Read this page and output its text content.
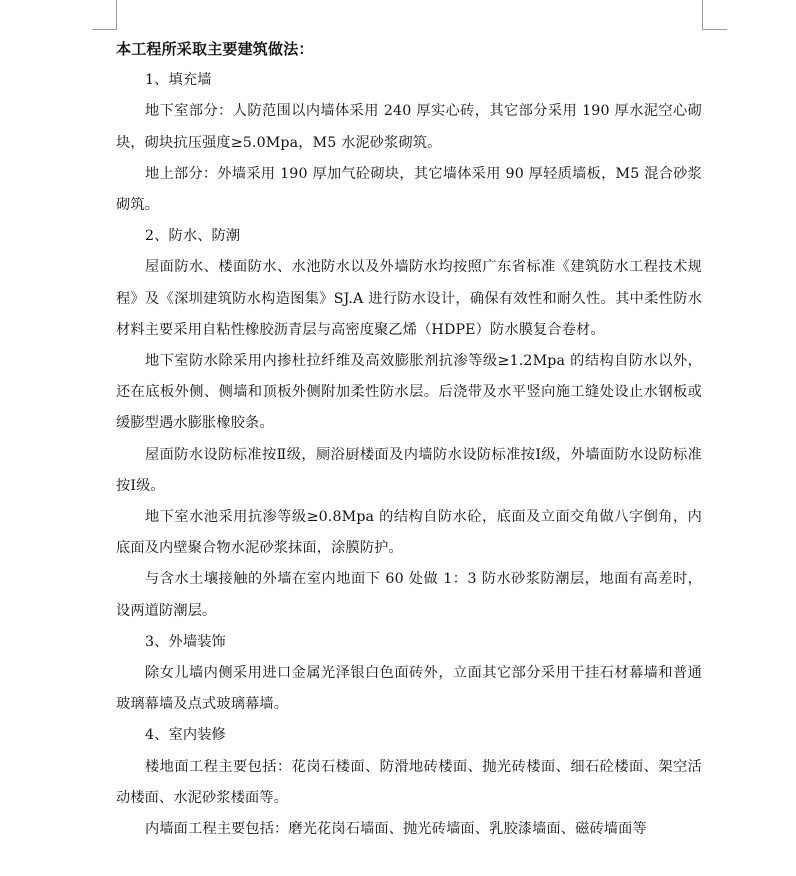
本工程所采取主要建筑做法：

1、填充墙

地下室部分：人防范围以内墙体采用 240 厚实心砖，其它部分采用 190 厚水泥空心砌块，砌块抗压强度≥5.0Mpa，M5 水泥砂浆砌筑。

地上部分：外墙采用 190 厚加气砼砌块，其它墙体采用 90 厚轻质墙板，M5 混合砂浆砌筑。

2、防水、防潮

屋面防水、楼面防水、水池防水以及外墙防水均按照广东省标准《建筑防水工程技术规程》及《深圳建筑防水构造图集》SJ.A 进行防水设计，确保有效性和耐久性。其中柔性防水材料主要采用自粘性橡胶沥青层与高密度聚乙烯（HDPE）防水膜复合卷材。

地下室防水除采用内掺杜拉纤维及高效膨胀剂抗渗等级≥1.2Mpa 的结构自防水以外，还在底板外侧、侧墙和顶板外侧附加柔性防水层。后浇带及水平竖向施工缝处设止水钢板或缓膨型遇水膨胀橡胶条。

屋面防水设防标准按Ⅱ级，厕浴厨楼面及内墙防水设防标准按Ⅰ级，外墙面防水设防标准按Ⅰ级。

地下室水池采用抗渗等级≥0.8Mpa 的结构自防水砼，底面及立面交角做八字倒角，内底面及内壁聚合物水泥砂浆抹面，涂膜防护。

与含水土壤接触的外墙在室内地面下 60 处做 1：3 防水砂浆防潮层，地面有高差时，设两道防潮层。

3、外墙装饰

除女儿墙内侧采用进口金属光泽银白色面砖外，立面其它部分采用干挂石材幕墙和普通玻璃幕墙及点式玻璃幕墙。

4、室内装修

楼地面工程主要包括：花岗石楼面、防滑地砖楼面、抛光砖楼面、细石砼楼面、架空活动楼面、水泥砂浆楼面等。

内墙面工程主要包括：磨光花岗石墙面、抛光砖墙面、乳胶漆墙面、磁砖墙面等
